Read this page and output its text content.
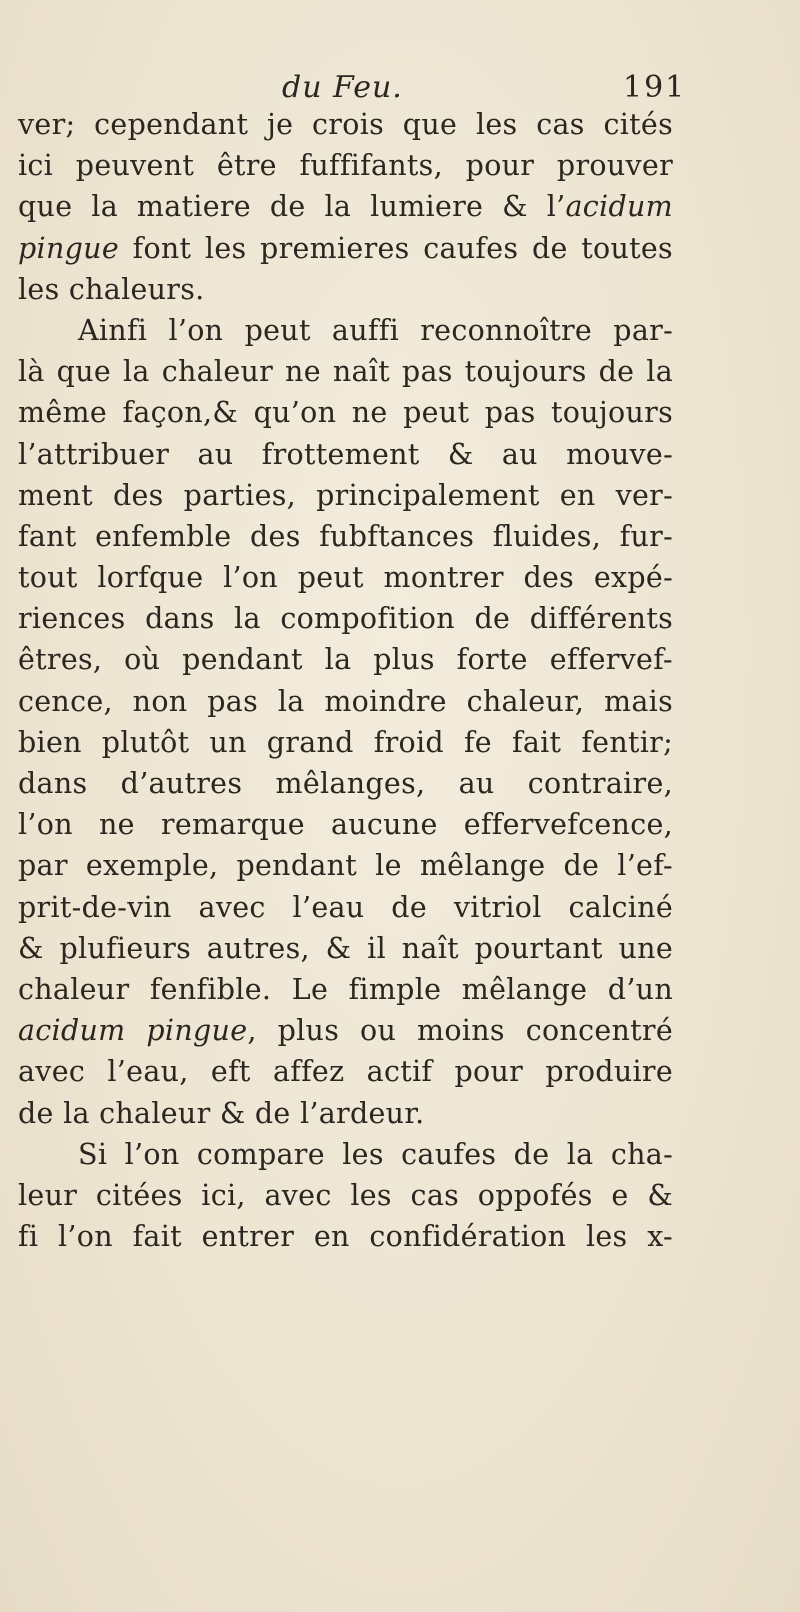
du Feu.	191
ver; cependant je crois que les cas cités
ici peuvent être fuffifants, pour prouver
que la matiere de la lumiere & l’acidum
pingue font les premieres caufes de toutes
les chaleurs.
Ainfi l’on peut auffi reconnoître par-
là que la chaleur ne naît pas toujours de la
même façon,& qu’on ne peut pas toujours
l’attribuer au frottement & au mouve-
ment des parties, principalement en ver-
fant enfemble des fubftances fluides, fur-
tout lorfque l’on peut montrer des expé-
riences dans la compofition de différents
êtres, où pendant la plus forte effervef-
cence, non pas la moindre chaleur, mais
bien plutôt un grand froid fe fait fentir;
dans d’autres mêlanges, au contraire,
l’on ne remarque aucune effervefcence,
par exemple, pendant le mêlange de l’ef-
prit-de-vin avec l’eau de vitriol calciné
& plufieurs autres, & il naît pourtant une
chaleur fenfible. Le fimple mêlange d’un
acidum pingue, plus ou moins concentré
avec l’eau, eft affez actif pour produire
de la chaleur & de l’ardeur.
Si l’on compare les caufes de la cha-
leur citées ici, avec les cas oppofés e &
fi l’on fait entrer en confidération les x-
